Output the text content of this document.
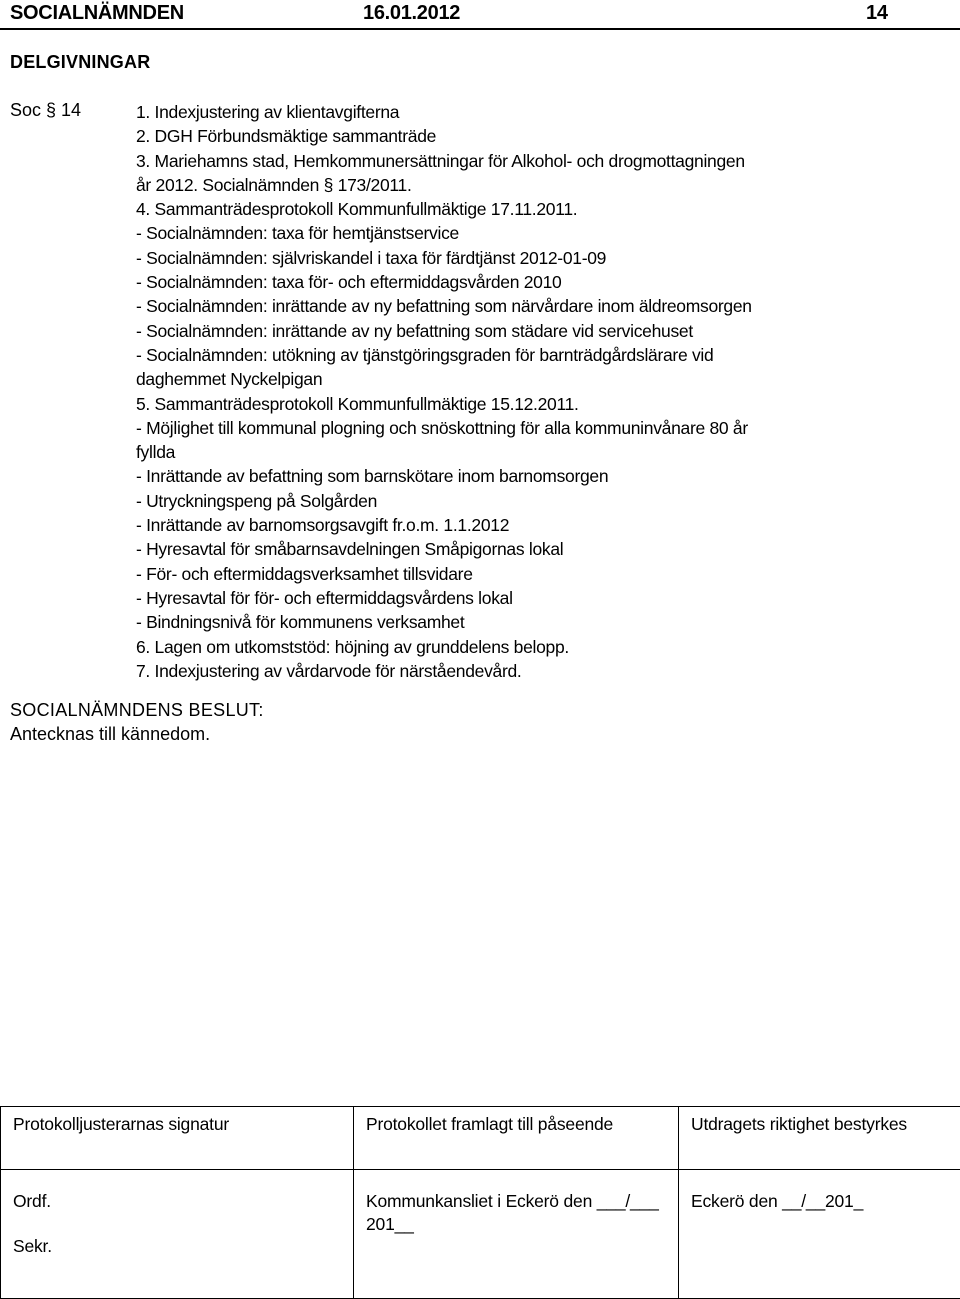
SOCIALNÄMNDEN	16.01.2012	14
DELGIVNINGAR
Soc § 14	1. Indexjustering av klientavgifterna
2. DGH Förbundsmäktige sammanträde
3. Mariehamns stad, Hemkommunersättningar för Alkohol- och drogmottagningen
år 2012. Socialnämnden § 173/2011.
4. Sammanträdesprotokoll Kommunfullmäktige 17.11.2011.
- Socialnämnden: taxa för hemtjänstservice
- Socialnämnden: självriskandel i taxa för färdtjänst 2012-01-09
- Socialnämnden: taxa för- och eftermiddagsvården 2010
- Socialnämnden: inrättande av ny befattning som närvårdare inom äldreomsorgen
- Socialnämnden: inrättande av ny befattning som städare vid servicehuset
- Socialnämnden: utökning av tjänstgöringsgraden för barnträdgårdslärare vid
daghemmet Nyckelpigan
5. Sammanträdesprotokoll Kommunfullmäktige 15.12.2011.
- Möjlighet till kommunal plogning och snöskottning för alla kommuninvånare 80 år
fyllda
- Inrättande av befattning som barnskötare inom barnomsorgen
- Utryckningspeng på Solgården
- Inrättande av barnomsorgsavgift fr.o.m. 1.1.2012
- Hyresavtal för småbarnsavdelningen Småpigornas lokal
- För- och eftermiddagsverksamhet tillsvidare
- Hyresavtal för för- och eftermiddagsvårdens lokal
- Bindningsnivå för kommunens verksamhet
6. Lagen om utkomststöd: höjning av grunddelens belopp.
7. Indexjustering av vårdarvode för närståendevård.
SOCIALNÄMNDENS BESLUT:
Antecknas till kännedom.
Protokolljusterarnas signatur	Protokollet framlagt till påseende	Utdragets riktighet bestyrkes
Ordf.
Sekr.	Kommunkansliet i Eckerö den ___/___ 201__	Eckerö den __/__201_
